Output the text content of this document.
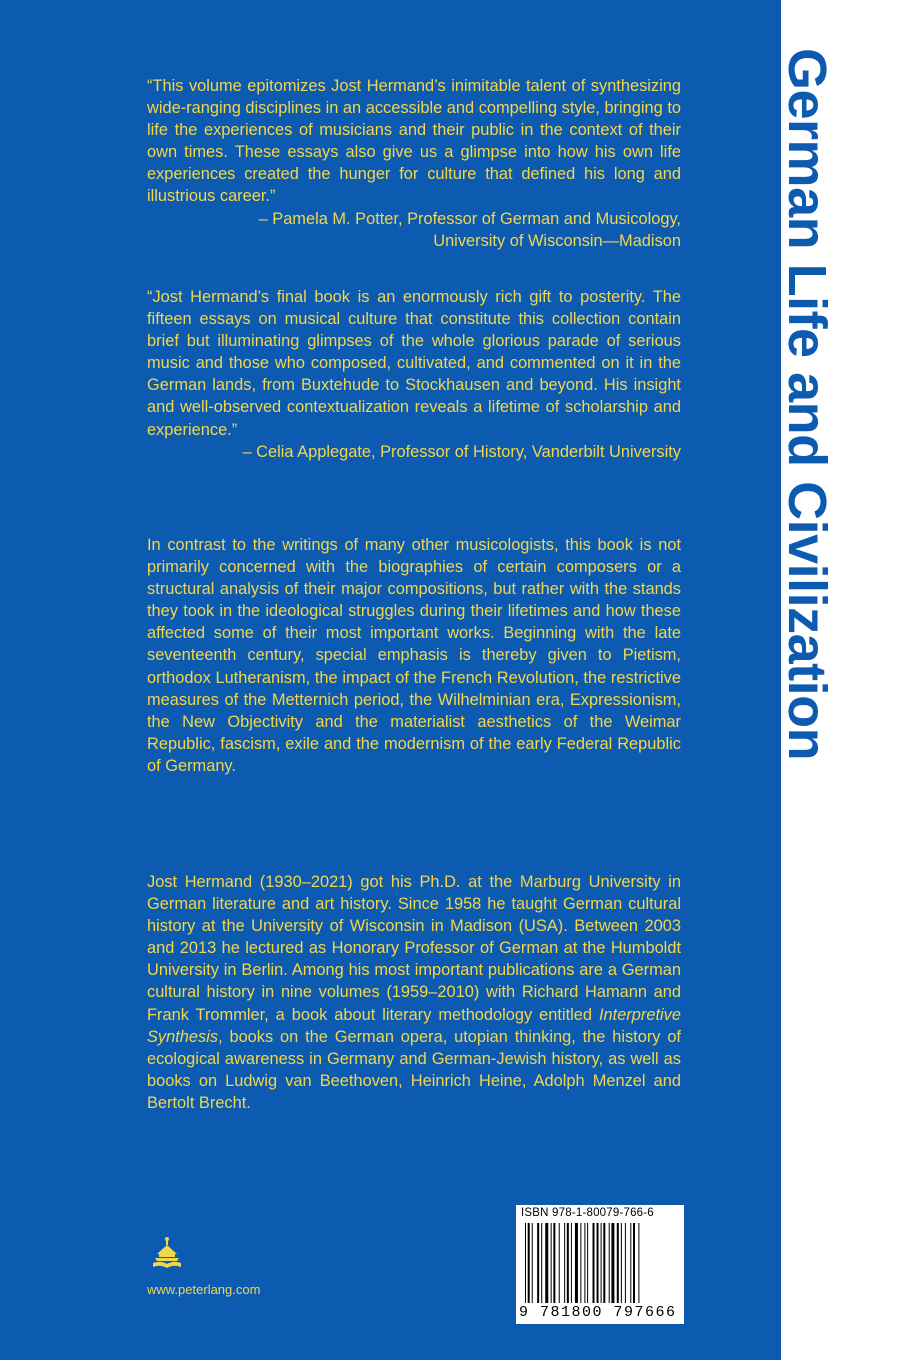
German Life and Civilization

“This volume epitomizes Jost Hermand’s inimitable talent of synthesizing wide-ranging disciplines in an accessible and compelling style, bringing to life the experiences of musicians and their public in the context of their own times. These essays also give us a glimpse into how his own life experiences created the hunger for culture that defined his long and illustrious career.”

– Pamela M. Potter, Professor of German and Musicology,

University of Wisconsin—Madison

“Jost Hermand’s final book is an enormously rich gift to posterity. The fifteen essays on musical culture that constitute this collection contain brief but illuminating glimpses of the whole glorious parade of serious music and those who composed, cultivated, and commented on it in the German lands, from Buxtehude to Stockhausen and beyond. His insight and well-observed contextualization reveals a lifetime of scholarship and experience.”

– Celia Applegate, Professor of History, Vanderbilt University

In contrast to the writings of many other musicologists, this book is not primarily concerned with the biographies of certain composers or a structural analysis of their major compositions, but rather with the stands they took in the ideological struggles during their lifetimes and how these affected some of their most important works. Beginning with the late seventeenth century, special emphasis is thereby given to Pietism, orthodox Lutheranism, the impact of the French Revolution, the restrictive measures of the Metternich period, the Wilhelminian era, Expressionism, the New Objectivity and the materialist aesthetics of the Weimar Republic, fascism, exile and the modernism of the early Federal Republic of Germany.

Jost Hermand (1930–2021) got his Ph.D. at the Marburg University in German literature and art history. Since 1958 he taught German cultural history at the University of Wisconsin in Madison (USA). Between 2003 and 2013 he lectured as Honorary Professor of German at the Humboldt University in Berlin. Among his most important publications are a German cultural history in nine volumes (1959–2010) with Richard Hamann and Frank Trommler, a book about literary methodology entitled Interpretive Synthesis, books on the German opera, utopian thinking, the history of ecological awareness in Germany and German-Jewish history, as well as books on Ludwig van Beethoven, Heinrich Heine, Adolph Menzel and Bertolt Brecht.

ISBN 978-1-80079-766-6
9 781800 797666
www.peterlang.com
